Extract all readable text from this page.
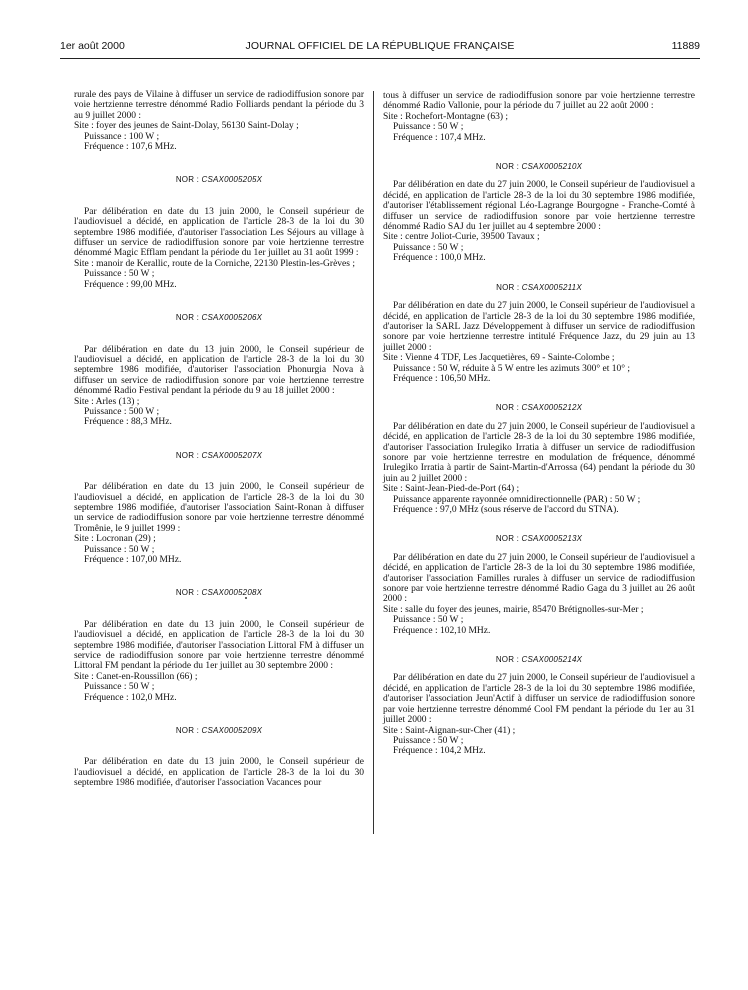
1er août 2000	JOURNAL OFFICIEL DE LA RÉPUBLIQUE FRANÇAISE	11889

rurale des pays de Vilaine à diffuser un service de radiodiffusion sonore par voie hertzienne terrestre dénommé Radio Folliards pendant la période du 3 au 9 juillet 2000 :

Site : foyer des jeunes de Saint-Dolay, 56130 Saint-Dolay ;

Puissance : 100 W ;

Fréquence : 107,6 MHz.

NOR : CSAX0005205X

Par délibération en date du 13 juin 2000, le Conseil supérieur de l'audiovisuel a décidé, en application de l'article 28-3 de la loi du 30 septembre 1986 modifiée, d'autoriser l'association Les Séjours au village à diffuser un service de radiodiffusion sonore par voie hertzienne terrestre dénommé Magic Efflam pendant la période du 1er juillet au 31 août 1999 :

Site : manoir de Kerallic, route de la Corniche, 22130 Plestin-les-Grèves ;

Puissance : 50 W ;

Fréquence : 99,00 MHz.

NOR : CSAX0005206X

Par délibération en date du 13 juin 2000, le Conseil supérieur de l'audiovisuel a décidé, en application de l'article 28-3 de la loi du 30 septembre 1986 modifiée, d'autoriser l'association Phonurgia Nova à diffuser un service de radiodiffusion sonore par voie hertzienne terrestre dénommé Radio Festival pendant la période du 9 au 18 juillet 2000 :

Site : Arles (13) ;

Puissance : 500 W ;

Fréquence : 88,3 MHz.

NOR : CSAX0005207X

Par délibération en date du 13 juin 2000, le Conseil supérieur de l'audiovisuel a décidé, en application de l'article 28-3 de la loi du 30 septembre 1986 modifiée, d'autoriser l'association Saint-Ronan à diffuser un service de radiodiffusion sonore par voie hertzienne terrestre dénommé Tromênie, le 9 juillet 1999 :

Site : Locronan (29) ;

Puissance : 50 W ;

Fréquence : 107,00 MHz.

NOR : CSAX0005208X

Par délibération en date du 13 juin 2000, le Conseil supérieur de l'audiovisuel a décidé, en application de l'article 28-3 de la loi du 30 septembre 1986 modifiée, d'autoriser l'association Littoral FM à diffuser un service de radiodiffusion sonore par voie hertzienne terrestre dénommé Littoral FM pendant la période du 1er juillet au 30 septembre 2000 :

Site : Canet-en-Roussillon (66) ;

Puissance : 50 W ;

Fréquence : 102,0 MHz.

NOR : CSAX0005209X

Par délibération en date du 13 juin 2000, le Conseil supérieur de l'audiovisuel a décidé, en application de l'article 28-3 de la loi du 30 septembre 1986 modifiée, d'autoriser l'association Vacances pour

tous à diffuser un service de radiodiffusion sonore par voie hertzienne terrestre dénommé Radio Vallonie, pour la période du 7 juillet au 22 août 2000 :

Site : Rochefort-Montagne (63) ;

Puissance : 50 W ;

Fréquence : 107,4 MHz.

NOR : CSAX0005210X

Par délibération en date du 27 juin 2000, le Conseil supérieur de l'audiovisuel a décidé, en application de l'article 28-3 de la loi du 30 septembre 1986 modifiée, d'autoriser l'établissement régional Léo-Lagrange Bourgogne - Franche-Comté à diffuser un service de radiodiffusion sonore par voie hertzienne terrestre dénommé Radio SAJ du 1er juillet au 4 septembre 2000 :

Site : centre Joliot-Curie, 39500 Tavaux ;

Puissance : 50 W ;

Fréquence : 100,0 MHz.

NOR : CSAX0005211X

Par délibération en date du 27 juin 2000, le Conseil supérieur de l'audiovisuel a décidé, en application de l'article 28-3 de la loi du 30 septembre 1986 modifiée, d'autoriser la SARL Jazz Développement à diffuser un service de radiodiffusion sonore par voie hertzienne terrestre intitulé Fréquence Jazz, du 29 juin au 13 juillet 2000 :

Site : Vienne 4 TDF, Les Jacquetières, 69 - Sainte-Colombe ;

Puissance : 50 W, réduite à 5 W entre les azimuts 300° et 10° ;

Fréquence : 106,50 MHz.

NOR : CSAX0005212X

Par délibération en date du 27 juin 2000, le Conseil supérieur de l'audiovisuel a décidé, en application de l'article 28-3 de la loi du 30 septembre 1986 modifiée, d'autoriser l'association Irulegiko Irratia à diffuser un service de radiodiffusion sonore par voie hertzienne terrestre en modulation de fréquence, dénommé Irulegiko Irratia à partir de Saint-Martin-d'Arrossa (64) pendant la période du 30 juin au 2 juillet 2000 :

Site : Saint-Jean-Pied-de-Port (64) ;

Puissance apparente rayonnée omnidirectionnelle (PAR) : 50 W ;

Fréquence : 97,0 MHz (sous réserve de l'accord du STNA).

NOR : CSAX0005213X

Par délibération en date du 27 juin 2000, le Conseil supérieur de l'audiovisuel a décidé, en application de l'article 28-3 de la loi du 30 septembre 1986 modifiée, d'autoriser l'association Familles rurales à diffuser un service de radiodiffusion sonore par voie hertzienne terrestre dénommé Radio Gaga du 3 juillet au 26 août 2000 :

Site : salle du foyer des jeunes, mairie, 85470 Brétignolles-sur-Mer ;

Puissance : 50 W ;

Fréquence : 102,10 MHz.

NOR : CSAX0005214X

Par délibération en date du 27 juin 2000, le Conseil supérieur de l'audiovisuel a décidé, en application de l'article 28-3 de la loi du 30 septembre 1986 modifiée, d'autoriser l'association Jeun'Actif à diffuser un service de radiodiffusion sonore par voie hertzienne terrestre dénommé Cool FM pendant la période du 1er au 31 juillet 2000 :

Site : Saint-Aignan-sur-Cher (41) ;

Puissance : 50 W ;

Fréquence : 104,2 MHz.
